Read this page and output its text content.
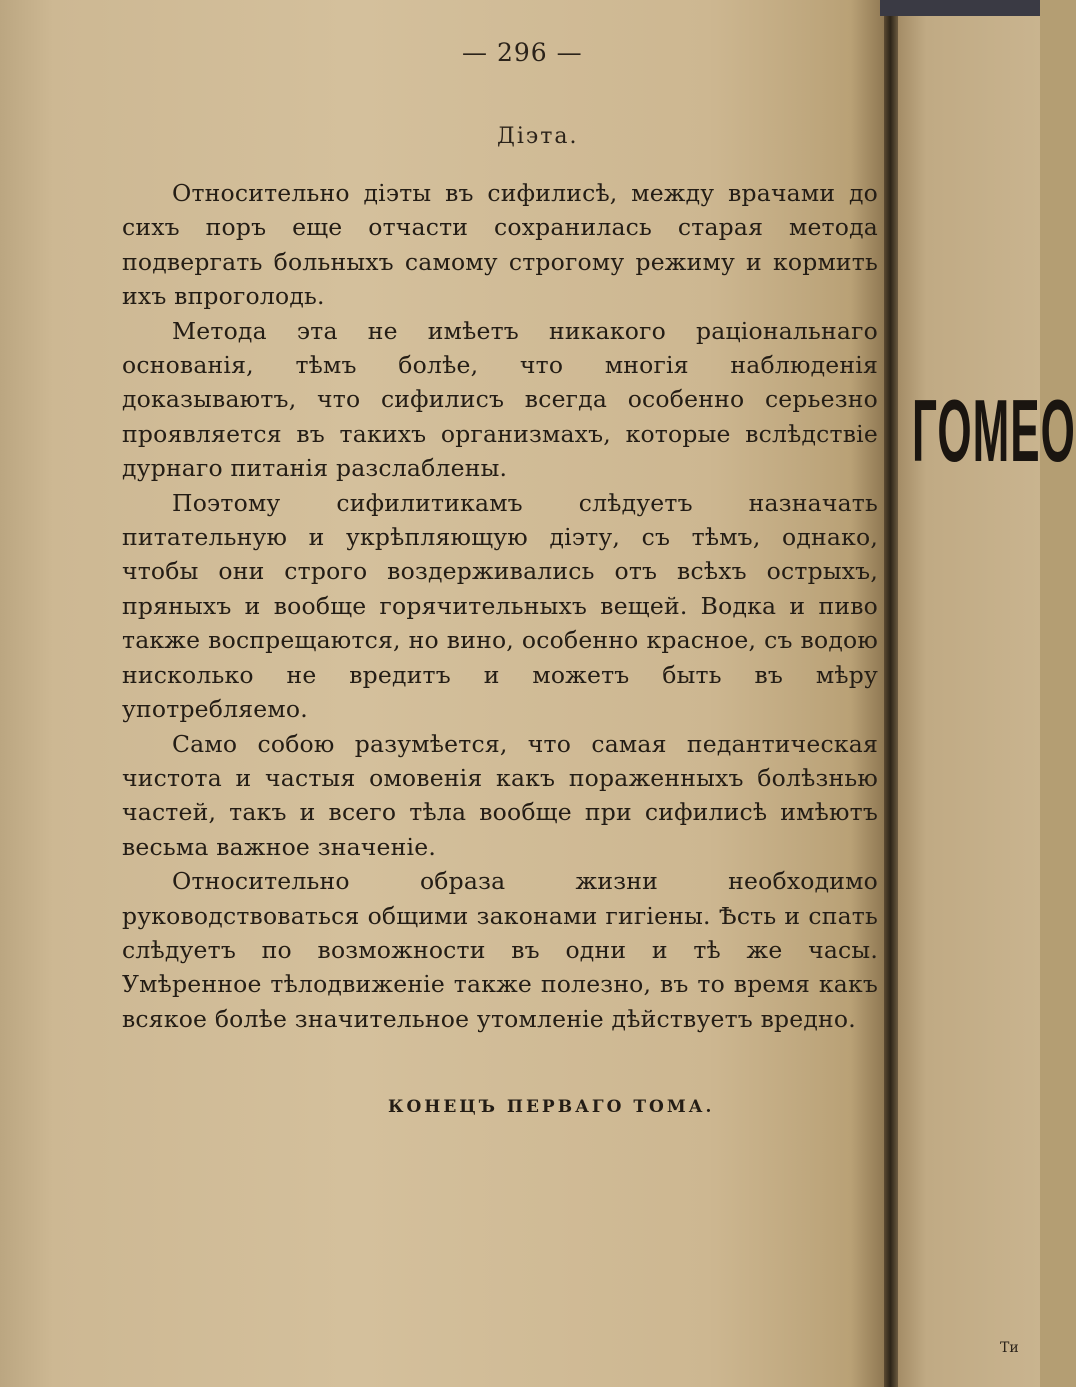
— 296 —
Діэта.

Относительно діэты въ сифилисѣ, между врачами до сихъ поръ еще отчасти сохранилась старая метода подвергать больныхъ самому строгому режиму и кормить ихъ впроголодь.

Метода эта не имѣетъ никакого раціональнаго основанія, тѣмъ болѣе, что многія наблюденія доказываютъ, что сифилисъ всегда особенно серьезно проявляется въ такихъ организмахъ, которые вслѣдствіе дурнаго питанія разслаблены.

Поэтому сифилитикамъ слѣдуетъ назначать питательную и укрѣпляющую діэту, съ тѣмъ, однако, чтобы они строго воздерживались отъ всѣхъ острыхъ, пряныхъ и вообще горячительныхъ вещей. Водка и пиво также воспрещаются, но вино, особенно красное, съ водою нисколько не вредитъ и можетъ быть въ мѣру употребляемо.

Само собою разумѣется, что самая педантическая чистота и частыя омовенія какъ пораженныхъ болѣзнью частей, такъ и всего тѣла вообще при сифилисѣ имѣютъ весьма важное значеніе.

Относительно образа жизни необходимо руководствоваться общими законами гигіены. Ѣсть и спать слѣдуетъ по возможности въ одни и тѣ же часы. Умѣренное тѣлодвиженіе также полезно, въ то время какъ всякое болѣе значительное утомленіе дѣйствуетъ вредно.

КОНЕЦЪ ПЕРВАГО ТОМА.
ГОМЕО
Ти
